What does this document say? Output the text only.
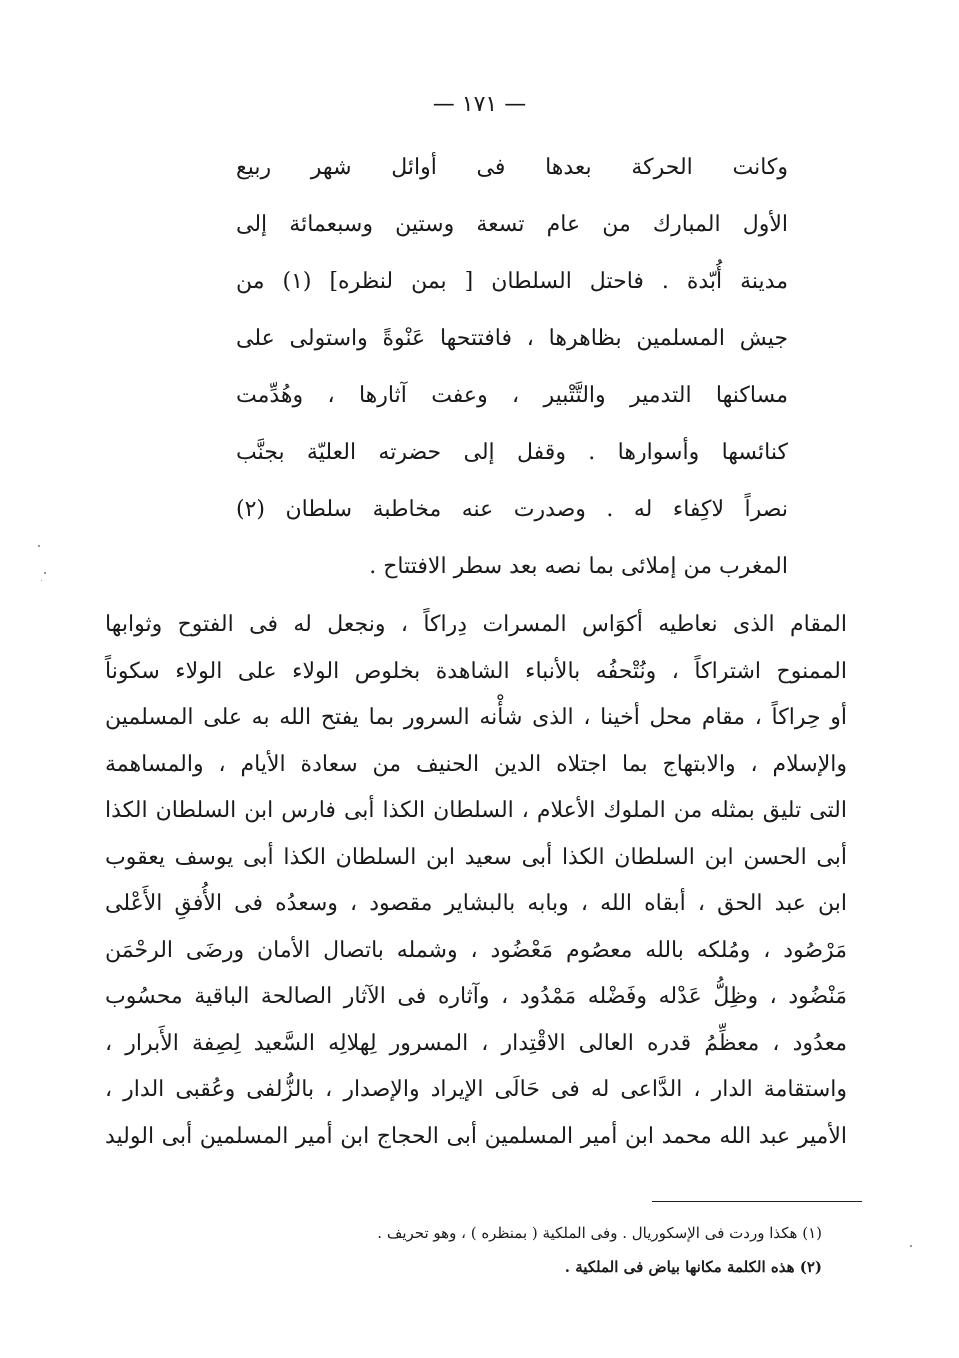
— ١٧١ —
وكانت الحركة بعدها فى أوائل شهر ربيع
الأول المبارك من عام تسعة وستين وسبعمائة إلى
مدينة أُبّدة . فاحتل السلطان [ بمن لنظره] (١) من
جيش المسلمين بظاهرها ، فافتتحها عَنْوةً واستولى على
مساكنها التدمير والتَّتْبير ، وعفت آثارها ، وهُدِّمت
كنائسها وأسوارها . وقفل إلى حضرته العليّة بجنَّب
نصراً لاكِفاء له . وصدرت عنه مخاطبة سلطان (٢)
المغرب من إملائى بما نصه بعد سطر الافتتاح .
المقام الذى نعاطيه أكوَاس المسرات دِراكاً ، ونجعل له فى الفتوح وثوابها
الممنوح اشتراكاً ، ونُتْحفُه بالأنباء الشاهدة بخلوص الولاء على الولاء سكوناً
أو حِراكاً ، مقام محل أخينا ، الذى شأْنه السرور بما يفتح الله به على المسلمين
والإسلام ، والابتهاج بما اجتلاه الدين الحنيف من سعادة الأيام ، والمساهمة
التى تليق بمثله من الملوك الأعلام ، السلطان الكذا أبى فارس ابن السلطان الكذا
أبى الحسن ابن السلطان الكذا أبى سعيد ابن السلطان الكذا أبى يوسف يعقوب
ابن عبد الحق ، أبقاه الله ، وبابه بالبشاير مقصود ، وسعدُه فى الأُفقِ الأَعْلى
مَرْصُود ، ومُلكه بالله معصُوم مَعْضُود ، وشمله باتصال الأمان ورضَى الرحْمَن
مَنْضُود ، وظِلُّ عَدْله وفَضْله مَمْدُود ، وآثاره فى الآثار الصالحة الباقية محسُوب
معدُود ، معظِّمُ قدره العالى الاقْتِدار ، المسرور لِهلالِه السَّعيد لِصِفة الأَبرار ،
واستقامة الدار ، الدَّاعى له فى حَالَى الإيراد والإصدار ، بالزُّلفى وعُقبى الدار ،
الأمير عبد الله محمد ابن أمير المسلمين أبى الحجاج ابن أمير المسلمين أبى الوليد
(١) هكذا وردت فى الإسكوريال . وفى الملكية ( بمنظره ) ، وهو تحريف .
(٢) هذه الكلمة مكانها بياض فى الملكية .
